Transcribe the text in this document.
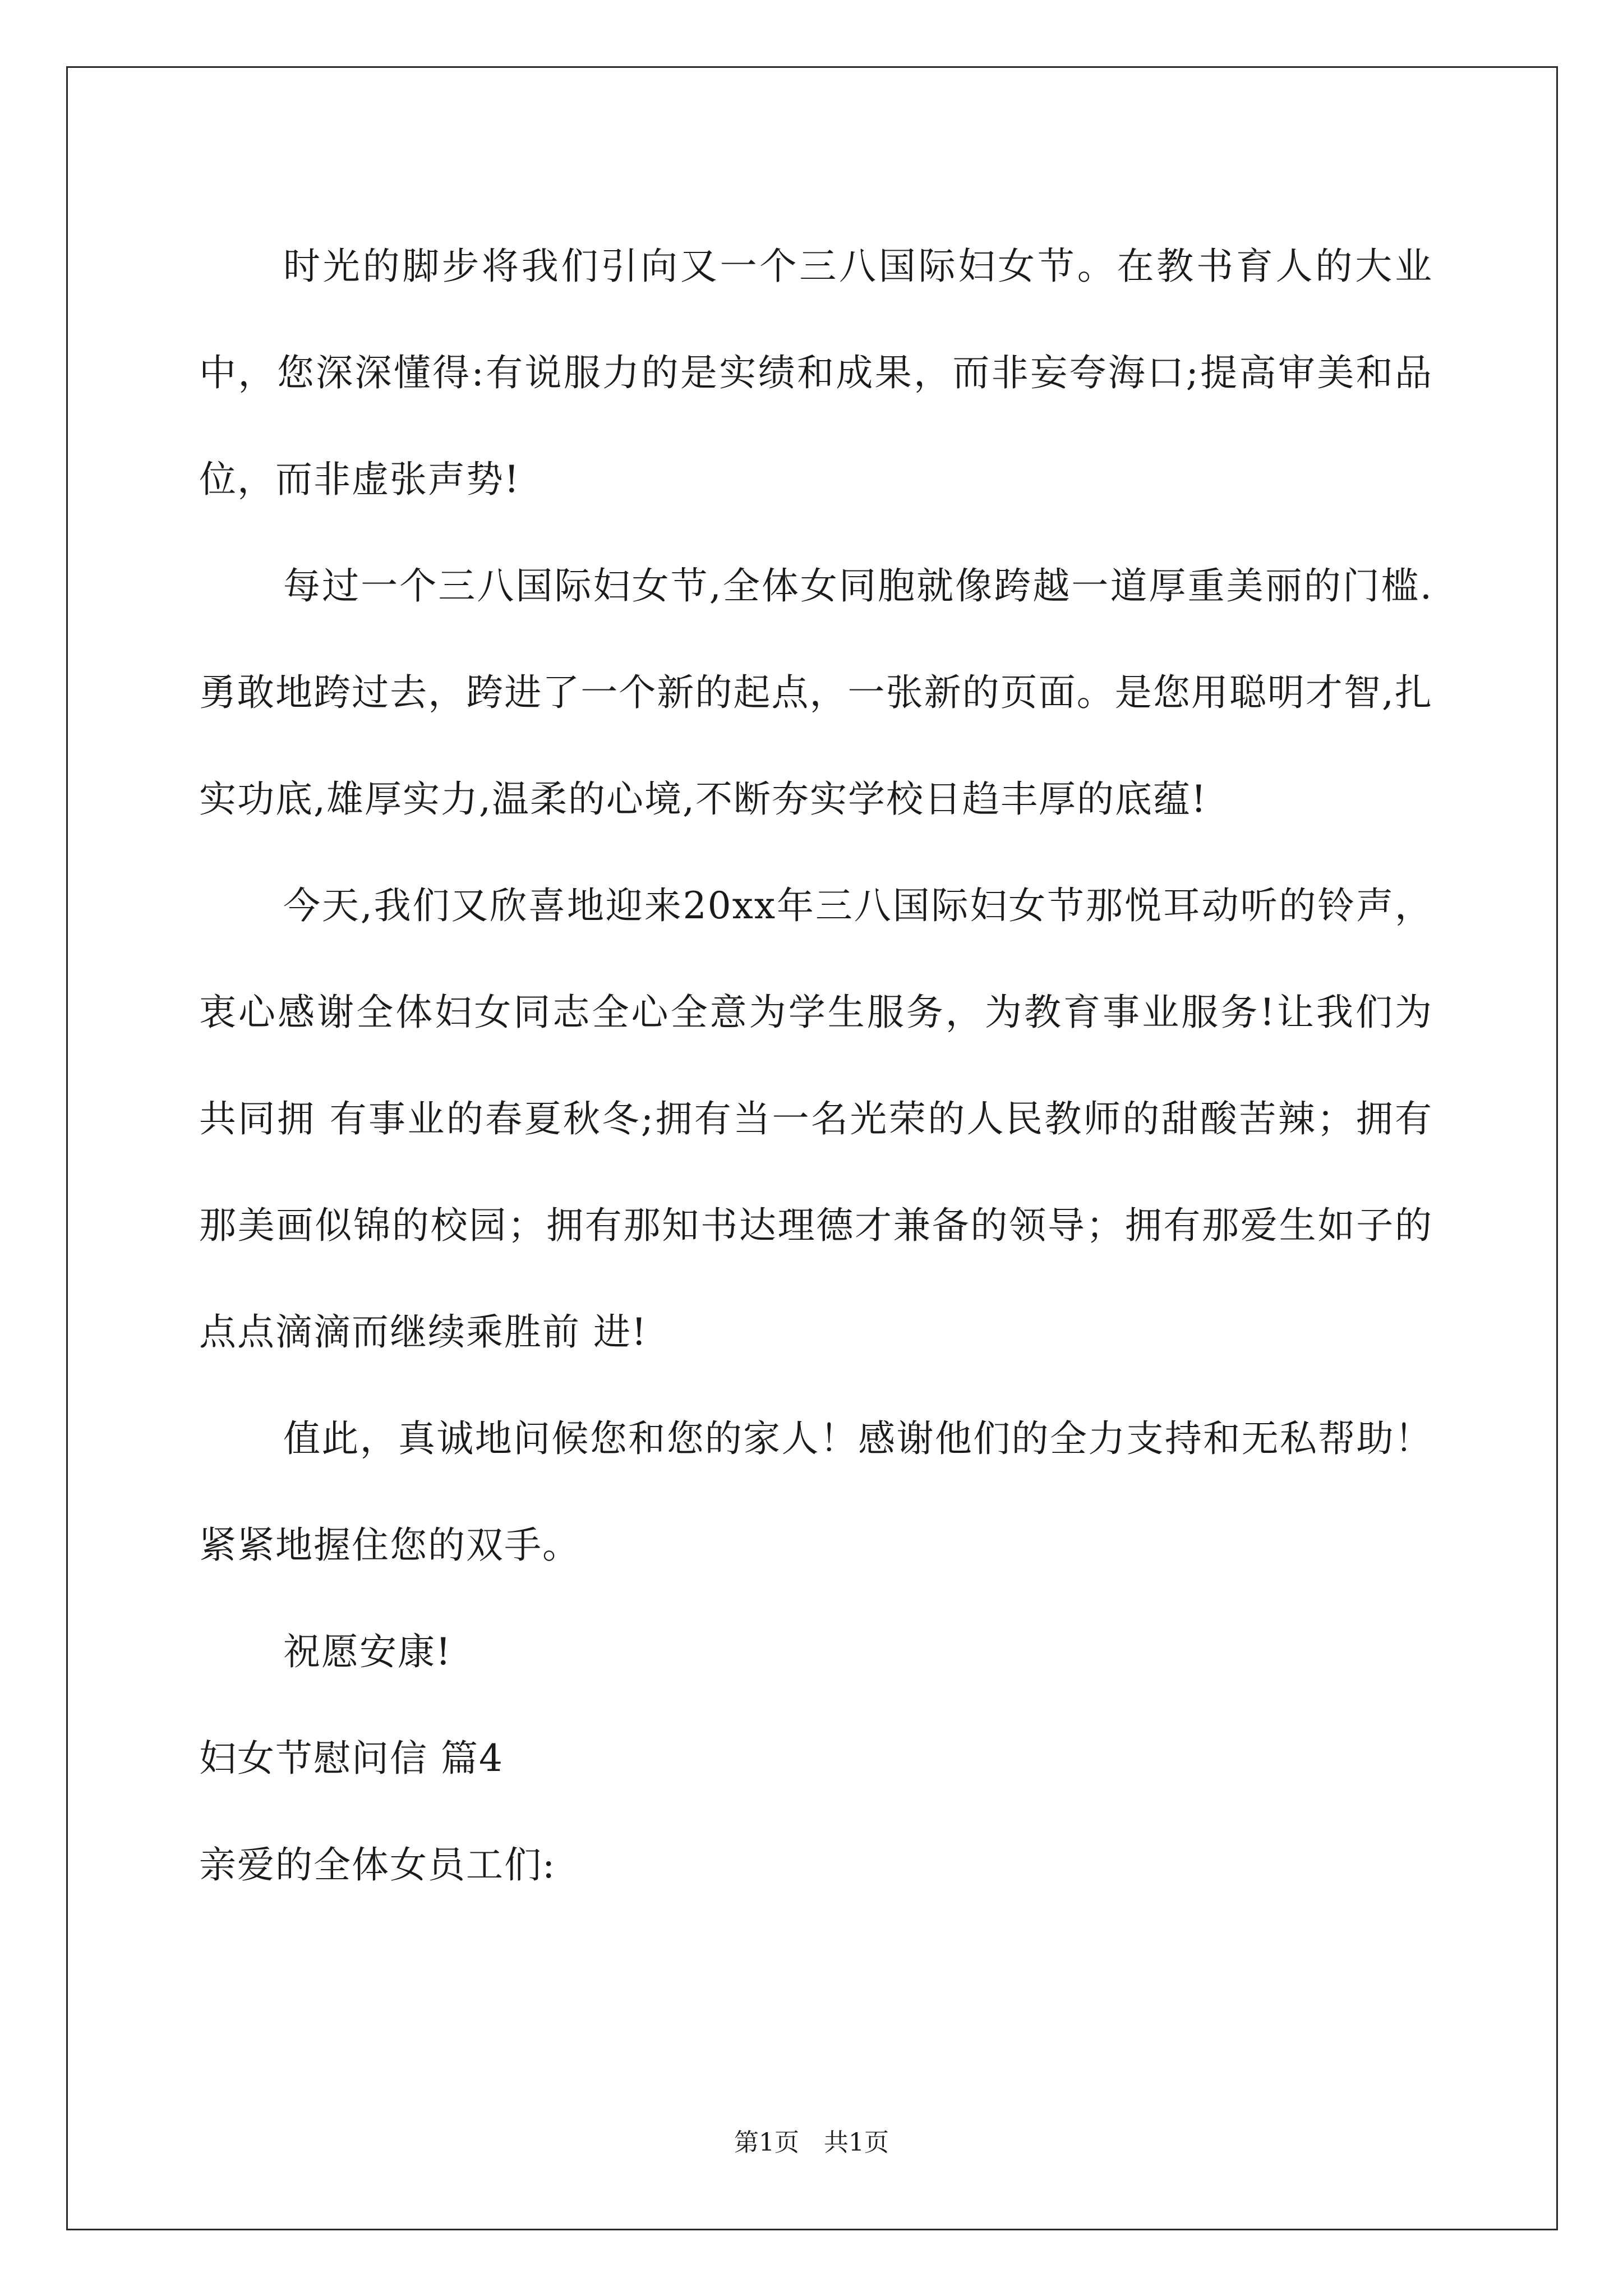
时光的脚步将我们引向又一个三八国际妇女节。在教书育人的大业中，您深深懂得:有说服力的是实绩和成果，而非妄夸海口;提高审美和品位，而非虚张声势!

每过一个三八国际妇女节,全体女同胞就像跨越一道厚重美丽的门槛.勇敢地跨过去，跨进了一个新的起点，一张新的页面。是您用聪明才智,扎实功底,雄厚实力,温柔的心境,不断夯实学校日趋丰厚的底蕴!

今天,我们又欣喜地迎来20xx年三八国际妇女节那悦耳动听的铃声，衷心感谢全体妇女同志全心全意为学生服务，为教育事业服务!让我们为共同拥 有事业的春夏秋冬;拥有当一名光荣的人民教师的甜酸苦辣；拥有那美画似锦的校园；拥有那知书达理德才兼备的领导；拥有那爱生如子的点点滴滴而继续乘胜前 进!

值此，真诚地问候您和您的家人！感谢他们的全力支持和无私帮助！紧紧地握住您的双手。

祝愿安康!

妇女节慰问信 篇4

亲爱的全体女员工们:

第1页　共1页
